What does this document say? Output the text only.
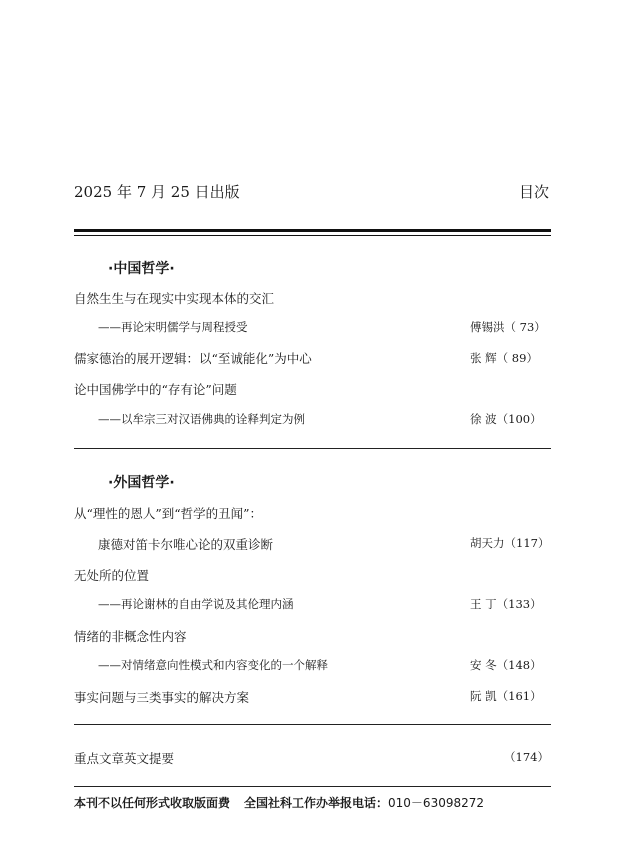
2025 年 7 月 25 日出版	目次
·中国哲学·
自然生生与在现实中实现本体的交汇
——再论宋明儒学与周程授受	傅锡洪（ 73）
儒家德治的展开逻辑：以“至诚能化”为中心	张 辉（ 89）
论中国佛学中的“存有论”问题
——以牟宗三对汉语佛典的诠释判定为例	徐 波（100）
·外国哲学·
从“理性的恩人”到“哲学的丑闻”：
康德对笛卡尔唯心论的双重诊断	胡天力（117）
无处所的位置
——再论谢林的自由学说及其伦理内涵	王 丁（133）
情绪的非概念性内容
——对情绪意向性模式和内容变化的一个解释	安 冬（148）
事实问题与三类事实的解决方案	阮 凯（161）
重点文章英文提要	（174）
本刊不以任何形式收取版面费 全国社科工作办举报电话：010－63098272
